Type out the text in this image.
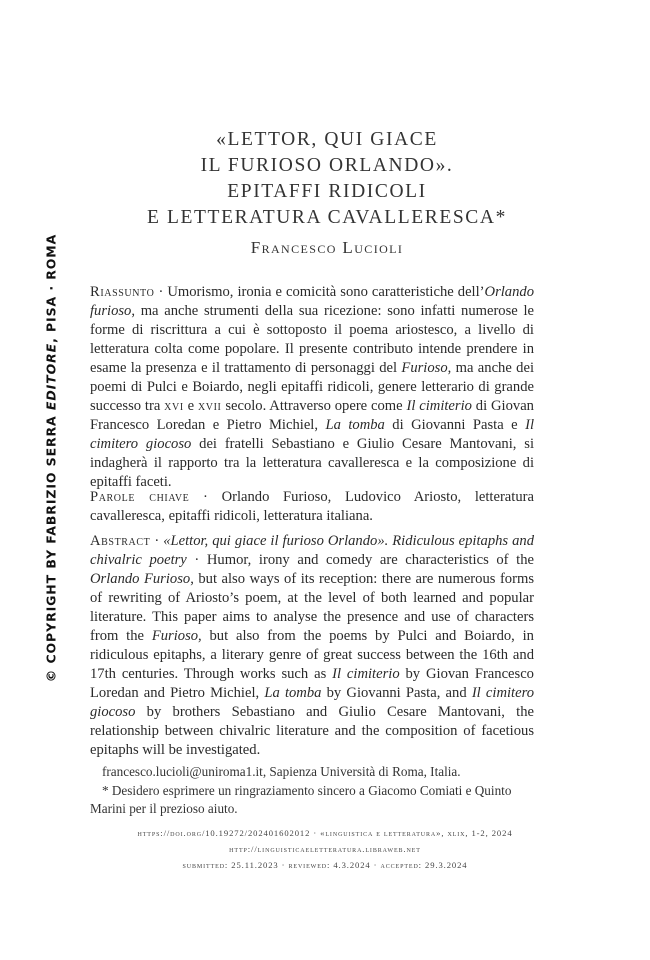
© COPYRIGHT BY FABRIZIO SERRA EDITORE, PISA · ROMA
«LETTOR, QUI GIACE
IL FURIOSO ORLANDO».
EPITAFFI RIDICOLI
E LETTERATURA CAVALLERESCA*
Francesco Lucioli
Riassunto · Umorismo, ironia e comicità sono caratteristiche dell’Orlando furioso, ma anche strumenti della sua ricezione: sono infatti numerose le forme di riscrittura a cui è sottoposto il poema ariostesco, a livello di letteratura colta come popolare. Il presente contributo intende prendere in esame la presenza e il trattamento di personaggi del Furioso, ma anche dei poemi di Pulci e Boiardo, negli epitaffi ridicoli, genere letterario di grande successo tra xvi e xvii secolo. Attraverso opere come Il cimiterio di Giovan Francesco Loredan e Pietro Michiel, La tomba di Giovanni Pasta e Il cimitero giocoso dei fratelli Sebastiano e Giulio Cesare Mantovani, si indagherà il rapporto tra la letteratura cavalleresca e la composizione di epitaffi faceti.
Parole chiave · Orlando Furioso, Ludovico Ariosto, letteratura cavalleresca, epitaffi ridicoli, letteratura italiana.
Abstract · «Lettor, qui giace il furioso Orlando». Ridiculous epitaphs and chivalric poetry · Humor, irony and comedy are characteristics of the Orlando Furioso, but also ways of its reception: there are numerous forms of rewriting of Ariosto’s poem, at the level of both learned and popular literature. This paper aims to analyse the presence and use of characters from the Furioso, but also from the poems by Pulci and Boiardo, in ridiculous epitaphs, a literary genre of great success between the 16th and 17th centuries. Through works such as Il cimiterio by Giovan Francesco Loredan and Pietro Michiel, La tomba by Giovanni Pasta, and Il cimitero giocoso by brothers Sebastiano and Giulio Cesare Mantovani, the relationship between chivalric literature and the composition of facetious epitaphs will be investigated.
francesco.lucioli@uniroma1.it, Sapienza Università di Roma, Italia.
* Desidero esprimere un ringraziamento sincero a Giacomo Comiati e Quinto Marini per il prezioso aiuto.
https://doi.org/10.19272/202401602012 · «linguistica e letteratura», xlix, 1-2, 2024
http://linguisticaeletteratura.libraweb.net
submitted: 25.11.2023 · reviewed: 4.3.2024 · accepted: 29.3.2024
